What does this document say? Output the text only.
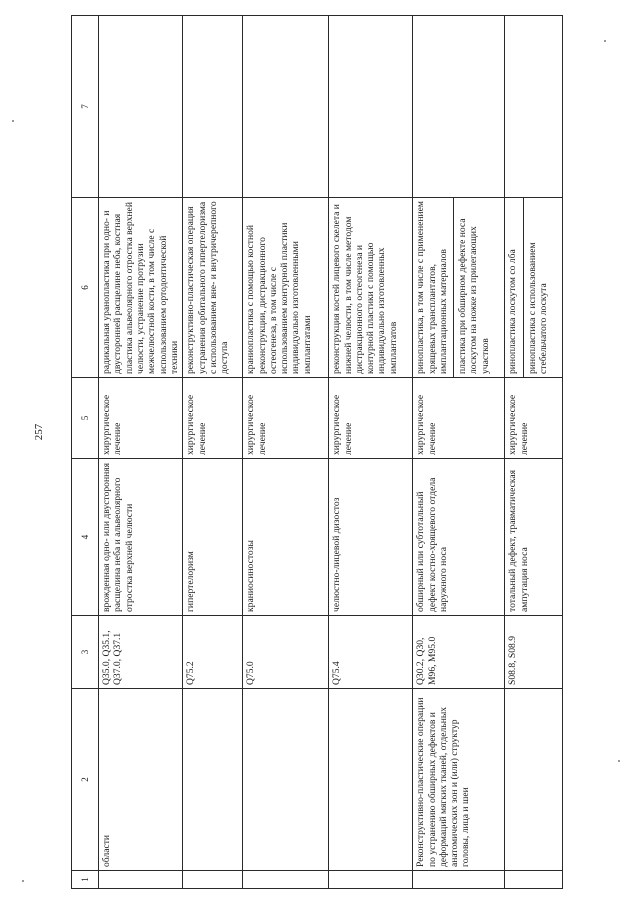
257
1	2	3	4	5	6	7
	области	Q35.0, Q35.1, Q37.0, Q37.1	врожденная одно- или двусторонняя расщелина неба и альвеолярного отростка верхней челюсти	хирургическое лечение	радикальная уранопластика при одно- и двусторонней расщелине неба, костная пластика альвеолярного отростка верхней челюсти, устранение протрузии межчелюстной кости, в том числе с использованием ортодонтической техники	
		Q75.2	гипертелоризм	хирургическое лечение	реконструктивно-пластическая операция устранения орбитального гипертелоризма с использованием вне- и внутричерепного доступа	
		Q75.0	краниосиностозы	хирургическое лечение	краниопластика с помощью костной реконструкции, дистракционного остеогенеза, в том числе с использованием контурной пластики индивидуально изготовленными имплантатами	
		Q75.4	челюстно-лицевой дизостоз	хирургическое лечение	реконструкция костей лицевого скелета и нижней челюсти, в том числе методом дистракционного остеогенеза и контурной пластики с помощью индивидуально изготовленных имплантатов	
	Реконструктивно-пластические операции по устранению обширных дефектов и деформаций мягких тканей, отдельных анатомических зон и (или) структур головы, лица и шеи	Q30.2, Q30, M96, M95.0	обширный или субтотальный дефект костно-хрящевого отдела наружного носа	хирургическое лечение	ринопластика, в том числе с применением хрящевых трансплантатов, имплантационных материалов пластика при обширном дефекте носа лоскутом на ножке из прилегающих участков	

		S08.8, S08.9	тотальный дефект, травматическая ампутация носа	хирургическое лечение	ринопластика лоскутом со лба ринопластика с использованием стебельчатого лоскута	
